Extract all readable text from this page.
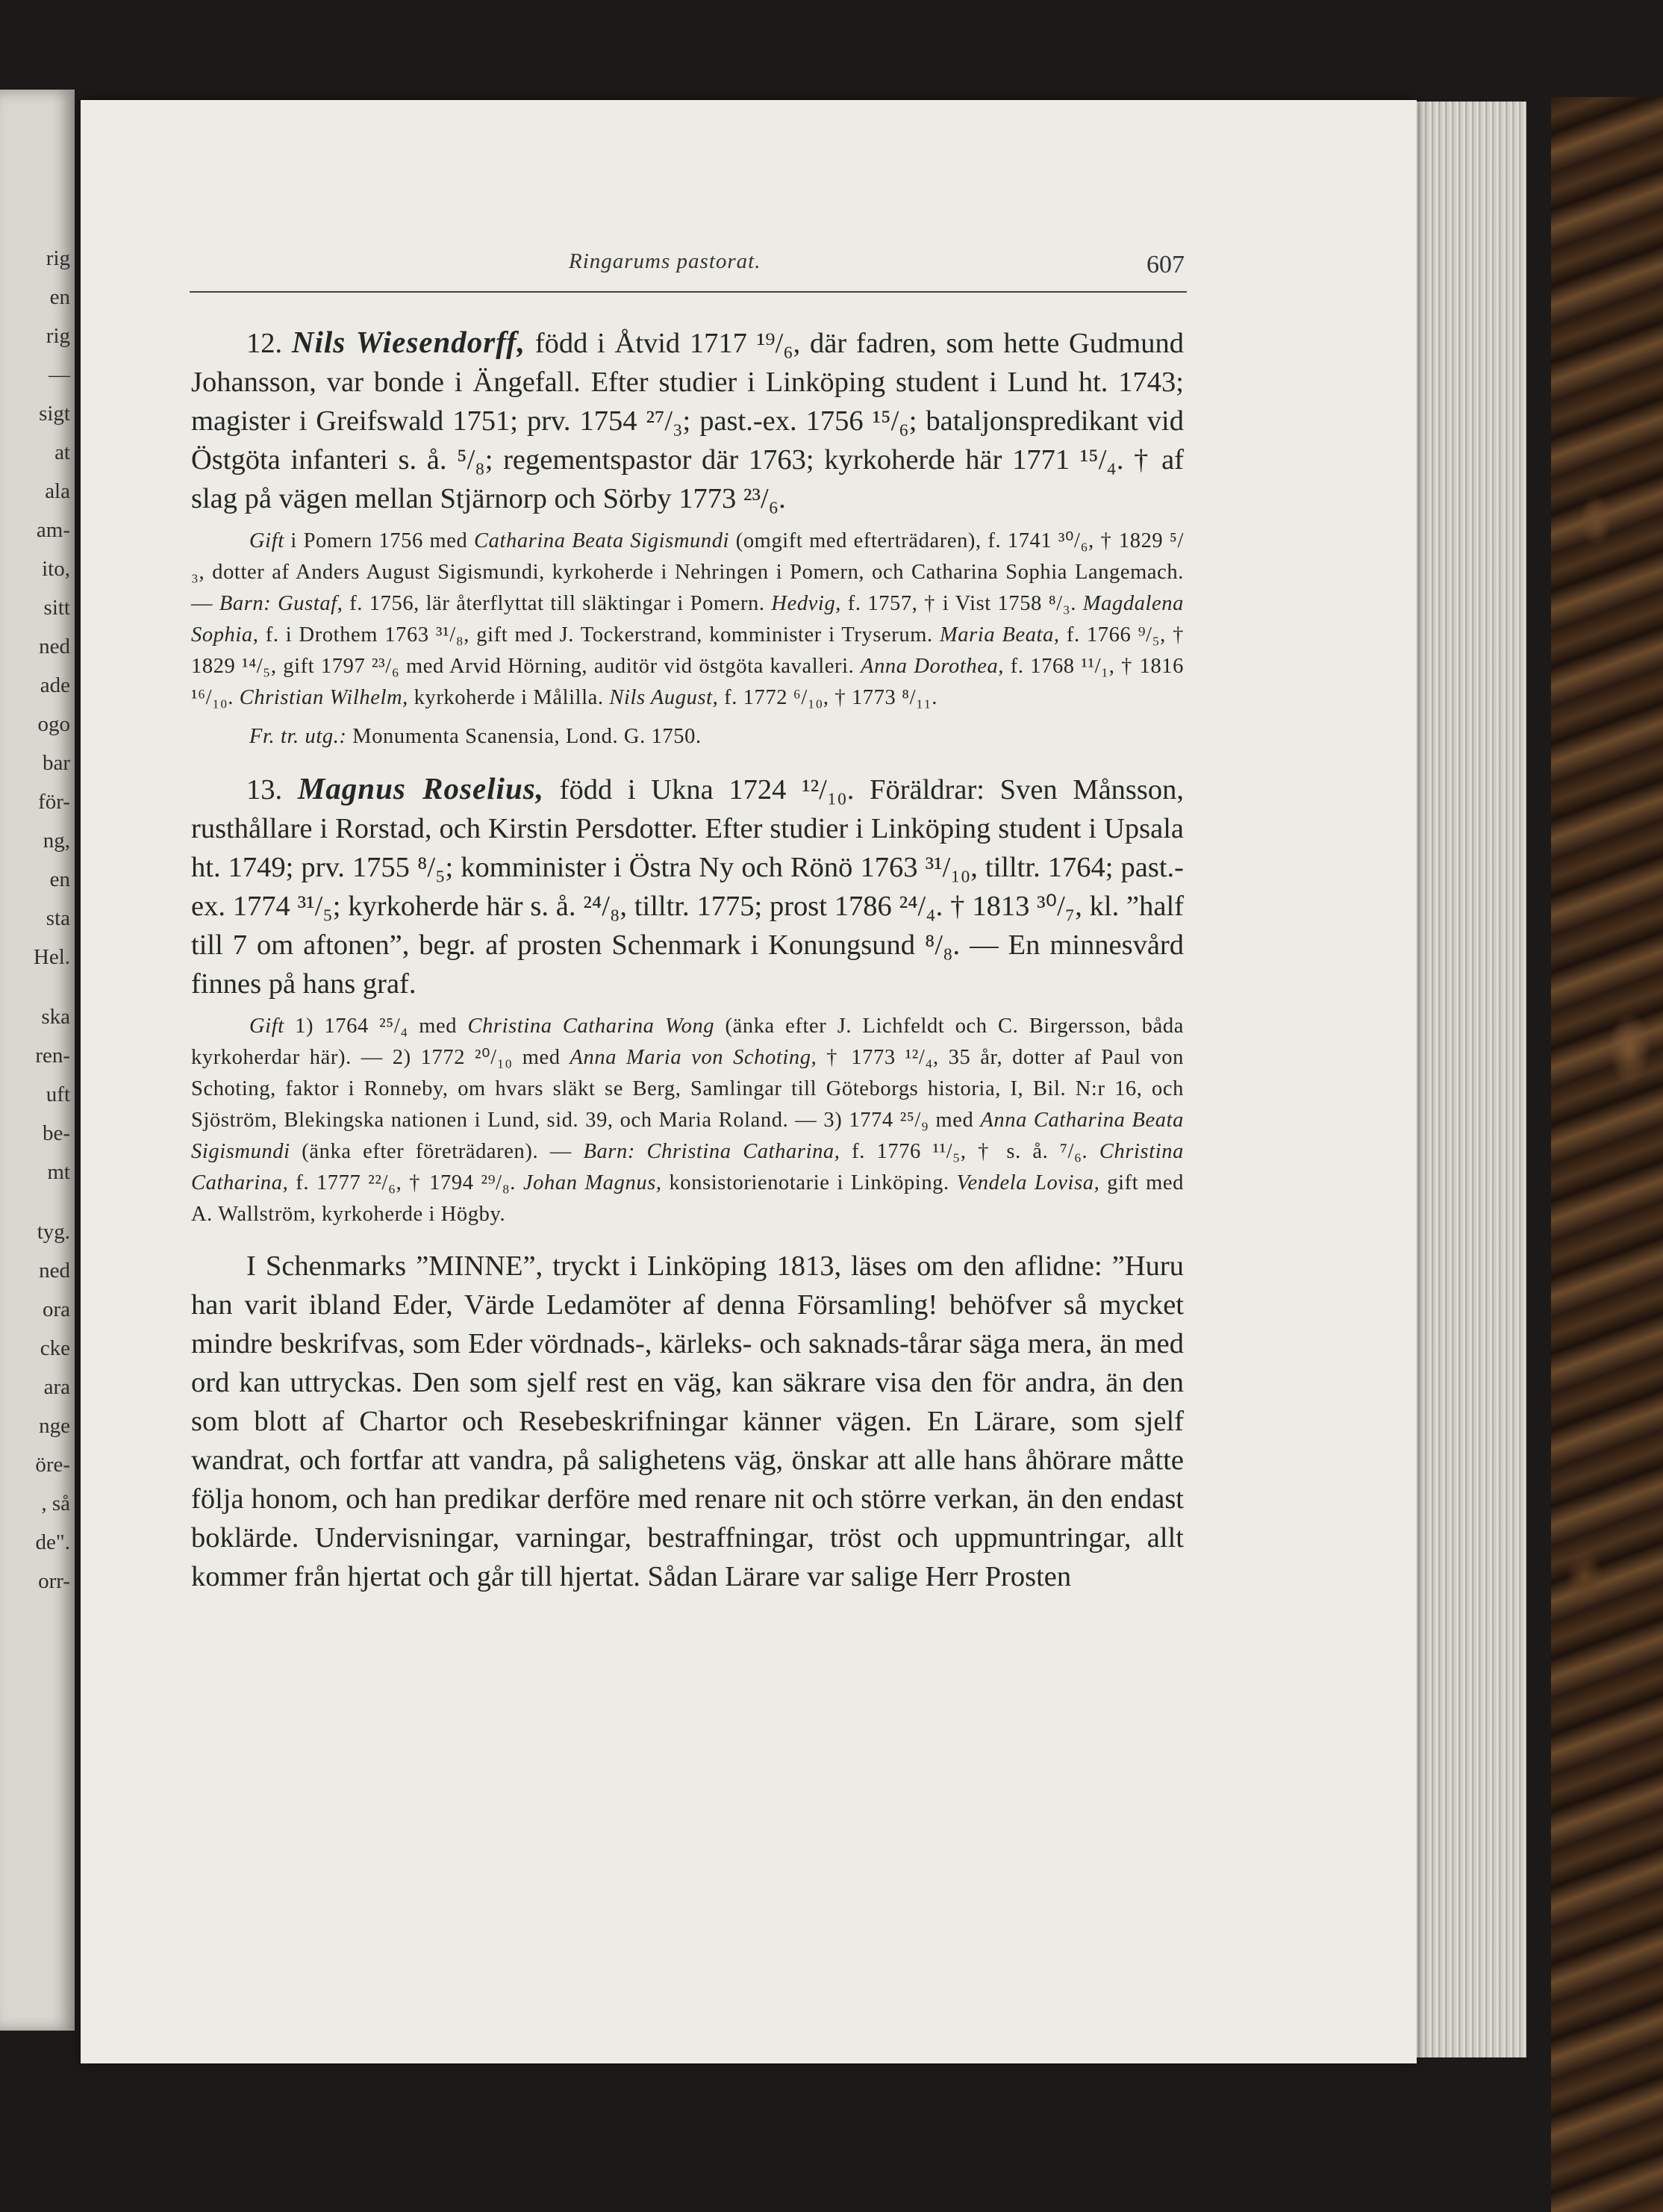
rig
en
rig
—
sigt
at
ala
am-
ito,
sitt
ned
ade
ogo
bar
för-
ng,
en
sta
Hel.
ska
ren-
uft
be-
mt
tyg.
ned
ora
cke
ara
nge
öre-
, så
de".
orr-
Ringarums pastorat.	607

12. Nils Wiesendorff, född i Åtvid 1717 ¹⁹/₆, där fadren, som hette Gudmund Johansson, var bonde i Ängefall. Efter studier i Linköping student i Lund ht. 1743; magister i Greifswald 1751; prv. 1754 ²⁷/₃; past.-ex. 1756 ¹⁵/₆; bataljonspredikant vid Östgöta infanteri s. å. ⁵/₈; regementspastor där 1763; kyrkoherde här 1771 ¹⁵/₄. † af slag på vägen mellan Stjärnorp och Sörby 1773 ²³/₆.

Gift i Pomern 1756 med Catharina Beata Sigismundi (omgift med efterträdaren), f. 1741 ³⁰/₆, † 1829 ⁵/₃, dotter af Anders August Sigismundi, kyrkoherde i Nehringen i Pomern, och Catharina Sophia Langemach. — Barn: Gustaf, f. 1756, lär återflyttat till släktingar i Pomern. Hedvig, f. 1757, † i Vist 1758 ⁸/₃. Magdalena Sophia, f. i Drothem 1763 ³¹/₈, gift med J. Tockerstrand, komminister i Tryserum. Maria Beata, f. 1766 ⁹/₅, † 1829 ¹⁴/₅, gift 1797 ²³/₆ med Arvid Hörning, auditör vid östgöta kavalleri. Anna Dorothea, f. 1768 ¹¹/₁, † 1816 ¹⁶/₁₀. Christian Wilhelm, kyrkoherde i Målilla. Nils August, f. 1772 ⁶/₁₀, † 1773 ⁸/₁₁.

Fr. tr. utg.: Monumenta Scanensia, Lond. G. 1750.

13. Magnus Roselius, född i Ukna 1724 ¹²/₁₀. Föräldrar: Sven Månsson, rusthållare i Rorstad, och Kirstin Persdotter. Efter studier i Linköping student i Upsala ht. 1749; prv. 1755 ⁸/₅; komminister i Östra Ny och Rönö 1763 ³¹/₁₀, tilltr. 1764; past.-ex. 1774 ³¹/₅; kyrkoherde här s. å. ²⁴/₈, tilltr. 1775; prost 1786 ²⁴/₄. † 1813 ³⁰/₇, kl. ”half till 7 om aftonen”, begr. af prosten Schenmark i Konungsund ⁸/₈. — En minnesvård finnes på hans graf.

Gift 1) 1764 ²⁵/₄ med Christina Catharina Wong (änka efter J. Lichfeldt och C. Birgersson, båda kyrkoherdar här). — 2) 1772 ²⁰/₁₀ med Anna Maria von Schoting, † 1773 ¹²/₄, 35 år, dotter af Paul von Schoting, faktor i Ronneby, om hvars släkt se Berg, Samlingar till Göteborgs historia, I, Bil. N:r 16, och Sjöström, Blekingska nationen i Lund, sid. 39, och Maria Roland. — 3) 1774 ²⁵/₉ med Anna Catharina Beata Sigismundi (änka efter företrädaren). — Barn: Christina Catharina, f. 1776 ¹¹/₅, † s. å. ⁷/₆. Christina Catharina, f. 1777 ²²/₆, † 1794 ²⁹/₈. Johan Magnus, konsistorienotarie i Linköping. Vendela Lovisa, gift med A. Wallström, kyrkoherde i Högby.

I Schenmarks ”MINNE”, tryckt i Linköping 1813, läses om den aflidne: ”Huru han varit ibland Eder, Värde Ledamöter af denna Församling! behöfver så mycket mindre beskrifvas, som Eder vördnads-, kärleks- och saknads-tårar säga mera, än med ord kan uttryckas. Den som sjelf rest en väg, kan säkrare visa den för andra, än den som blott af Chartor och Resebeskrifningar känner vägen. En Lärare, som sjelf wandrat, och fortfar att vandra, på salighetens väg, önskar att alle hans åhörare måtte följa honom, och han predikar derföre med renare nit och större verkan, än den endast boklärde. Undervisningar, varningar, bestraffningar, tröst och uppmuntringar, allt kommer från hjertat och går till hjertat. Sådan Lärare var salige Herr Prosten
